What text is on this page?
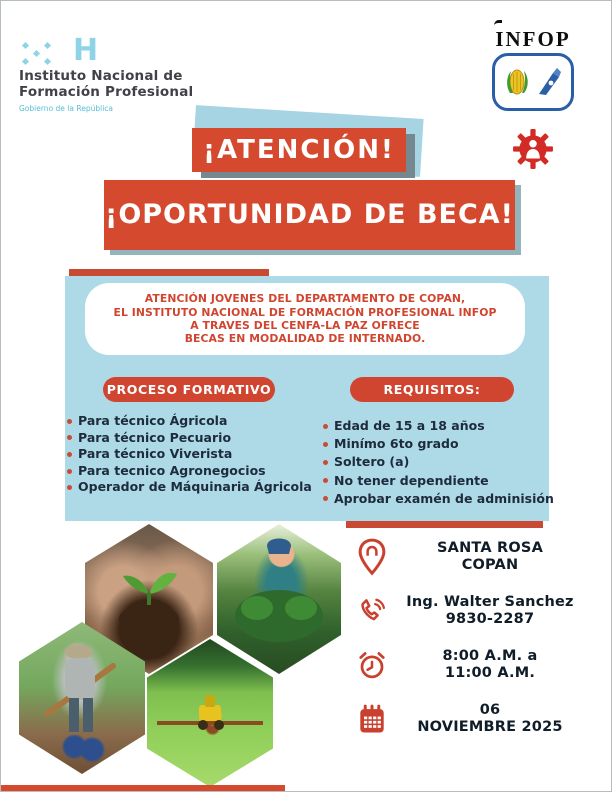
H
Instituto Nacional de
Formación Profesional
Gobierno de la República
INFOP
¡ATENCIÓN!
¡OPORTUNIDAD DE BECA!
ATENCIÓN JOVENES DEL DEPARTAMENTO DE COPAN,
EL INSTITUTO NACIONAL DE FORMACIÓN PROFESIONAL INFOP
A TRAVES DEL CENFA-LA PAZ OFRECE
BECAS EN MODALIDAD DE INTERNADO.
PROCESO FORMATIVO	REQUISITOS:
Para técnico Ágricola
Para técnico Pecuario
Para técnico Viverista
Para tecnico Agronegocios
Operador de Máquinaria Ágricola
Edad de 15 a 18 años
Minímo 6to grado
Soltero (a)
No tener dependiente
Aprobar examén de adminisión
SANTA ROSA
COPAN
Ing. Walter Sanchez
9830-2287
8:00 A.M. a
11:00 A.M.
06
NOVIEMBRE 2025
